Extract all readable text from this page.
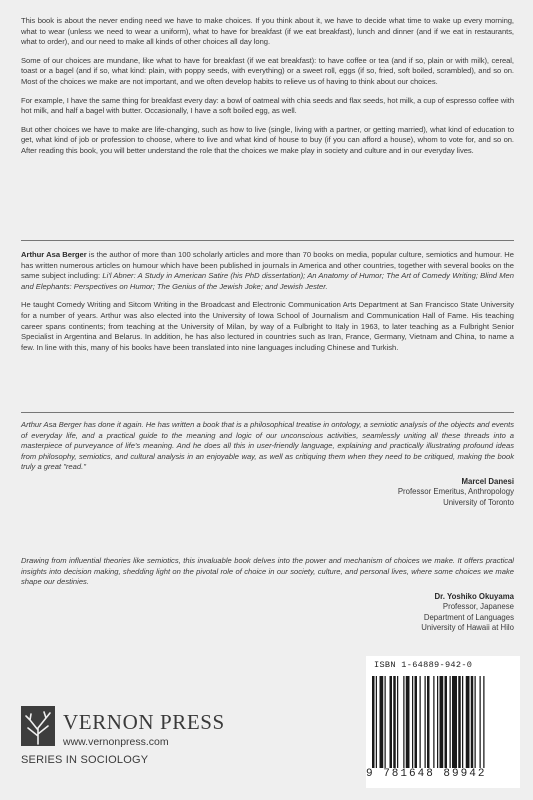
This book is about the never ending need we have to make choices. If you think about it, we have to decide what time to wake up every morning, what to wear (unless we need to wear a uniform), what to have for breakfast (if we eat breakfast), lunch and dinner (and if we eat in restaurants, what to order), and our need to make all kinds of other choices all day long.

Some of our choices are mundane, like what to have for breakfast (if we eat breakfast): to have coffee or tea (and if so, plain or with milk), cereal, toast or a bagel (and if so, what kind: plain, with poppy seeds, with everything) or a sweet roll, eggs (if so, fried, soft boiled, scrambled), and so on. Most of the choices we make are not important, and we often develop habits to relieve us of having to think about our choices.

For example, I have the same thing for breakfast every day: a bowl of oatmeal with chia seeds and flax seeds, hot milk, a cup of espresso coffee with hot milk, and half a bagel with butter. Occasionally, I have a soft boiled egg, as well.

But other choices we have to make are life-changing, such as how to live (single, living with a partner, or getting married), what kind of education to get, what kind of job or profession to choose, where to live and what kind of house to buy (if you can afford a house), whom to vote for, and so on. After reading this book, you will better understand the role that the choices we make play in society and culture and in our everyday lives.

Arthur Asa Berger is the author of more than 100 scholarly articles and more than 70 books on media, popular culture, semiotics and humour. He has written numerous articles on humour which have been published in journals in America and other countries, together with several books on the same subject including: Li'l Abner: A Study in American Satire (his PhD dissertation); An Anatomy of Humor; The Art of Comedy Writing; Blind Men and Elephants: Perspectives on Humor; The Genius of the Jewish Joke; and Jewish Jester.

He taught Comedy Writing and Sitcom Writing in the Broadcast and Electronic Communication Arts Department at San Francisco State University for a number of years. Arthur was also elected into the University of Iowa School of Journalism and Communication Hall of Fame. His teaching career spans continents; from teaching at the University of Milan, by way of a Fulbright to Italy in 1963, to later teaching as a Fulbright Senior Specialist in Argentina and Belarus. In addition, he has also lectured in countries such as Iran, France, Germany, Vietnam and China, to name a few. In line with this, many of his books have been translated into nine languages including Chinese and Turkish.

Arthur Asa Berger has done it again. He has written a book that is a philosophical treatise in ontology, a semiotic analysis of the objects and events of everyday life, and a practical guide to the meaning and logic of our unconscious activities, seamlessly uniting all these threads into a masterpiece of purveyance of life's meaning. And he does all this in user-friendly language, explaining and practically illustrating profound ideas from philosophy, semiotics, and cultural analysis in an enjoyable way, as well as critiquing them when they need to be critiqued, making the book truly a great "read."

Marcel Danesi
Professor Emeritus, Anthropology
University of Toronto

Drawing from influential theories like semiotics, this invaluable book delves into the power and mechanism of choices we make. It offers practical insights into decision making, shedding light on the pivotal role of choice in our society, culture, and personal lives, where some choices we make shape our destinies.

Dr. Yoshiko Okuyama
Professor, Japanese
Department of Languages
University of Hawaii at Hilo
VERNON PRESS
www.vernonpress.com
SERIES IN SOCIOLOGY
ISBN 1-64889-942-0
9 781648 89942
